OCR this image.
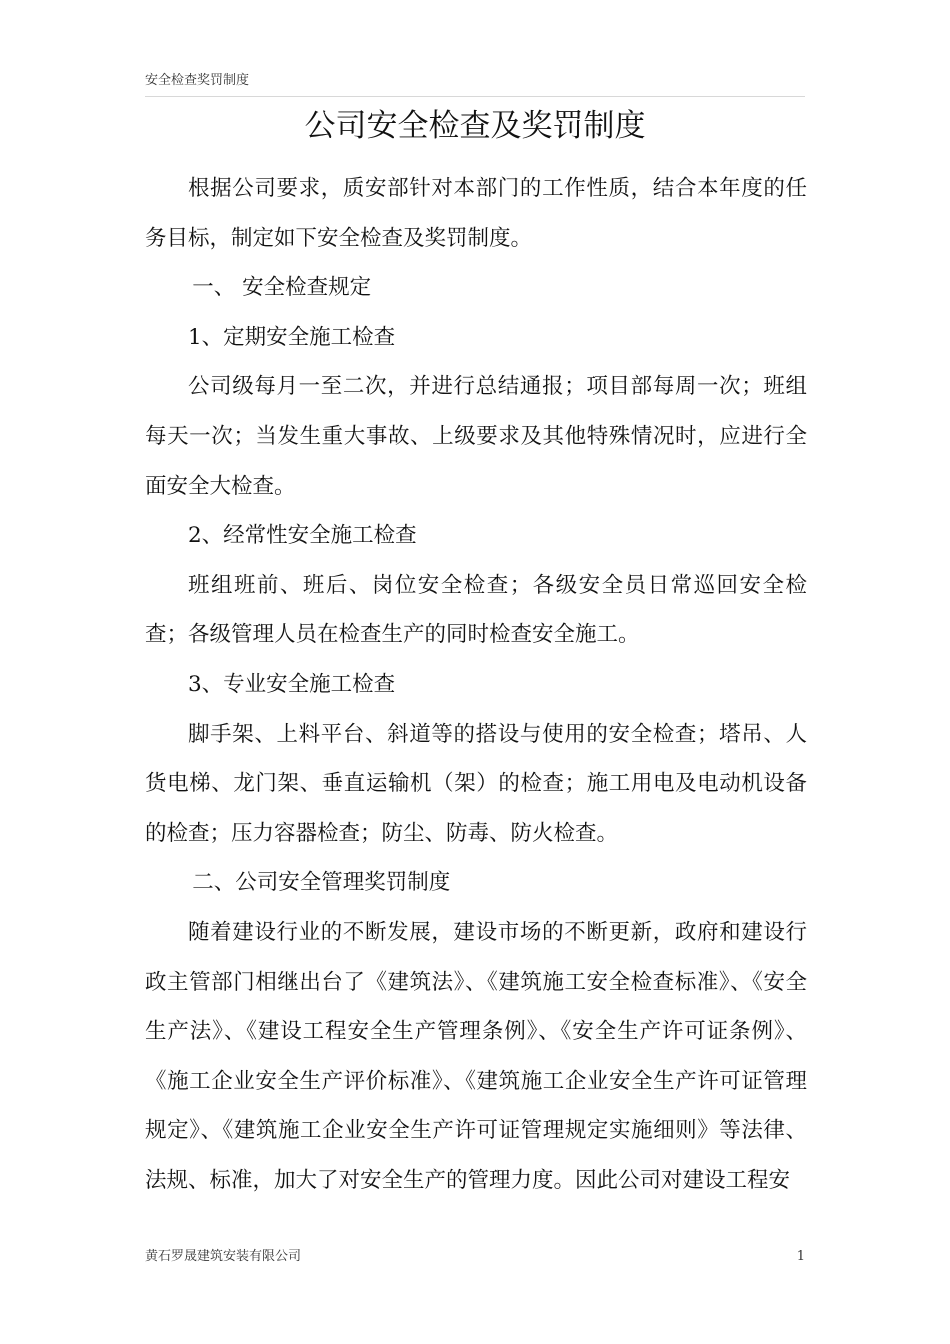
安全检查奖罚制度
公司安全检查及奖罚制度

根据公司要求，质安部针对本部门的工作性质，结合本年度的任务目标，制定如下安全检查及奖罚制度。

一、 安全检查规定

1、定期安全施工检查

公司级每月一至二次，并进行总结通报；项目部每周一次；班组每天一次；当发生重大事故、上级要求及其他特殊情况时，应进行全面安全大检查。

2、经常性安全施工检查

班组班前、班后、岗位安全检查；各级安全员日常巡回安全检查；各级管理人员在检查生产的同时检查安全施工。

3、专业安全施工检查

脚手架、上料平台、斜道等的搭设与使用的安全检查；塔吊、人货电梯、龙门架、垂直运输机（架）的检查；施工用电及电动机设备的检查；压力容器检查；防尘、防毒、防火检查。

二、公司安全管理奖罚制度

随着建设行业的不断发展，建设市场的不断更新，政府和建设行政主管部门相继出台了《建筑法》、《建筑施工安全检查标准》、《安全生产法》、《建设工程安全生产管理条例》、《安全生产许可证条例》、《施工企业安全生产评价标准》、《建筑施工企业安全生产许可证管理规定》、《建筑施工企业安全生产许可证管理规定实施细则》等法律、法规、标准，加大了对安全生产的管理力度。因此公司对建设工程安

黄石罗晟建筑安装有限公司	1
